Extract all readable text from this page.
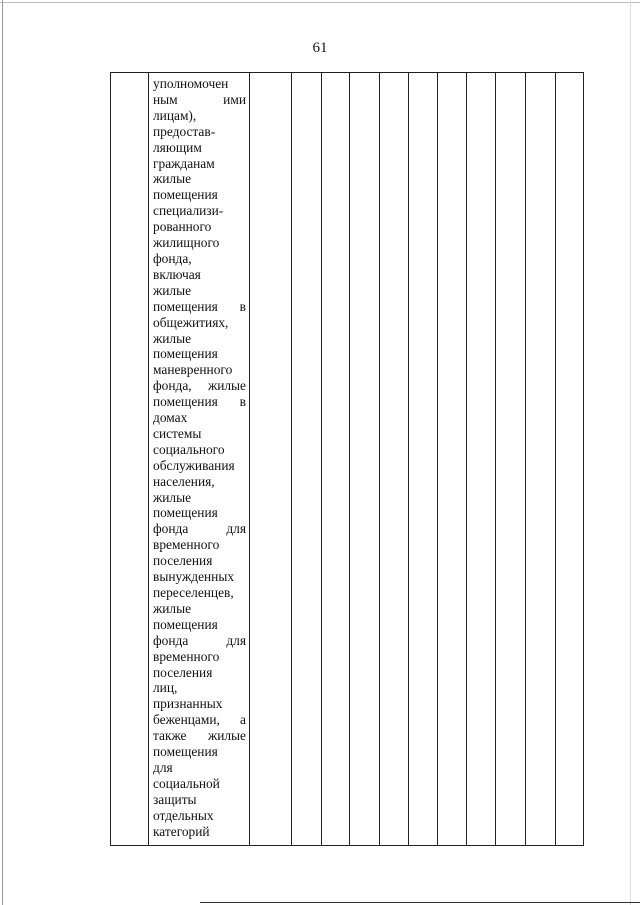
61
уполномочен
ным ими
лицам),
предостав-
ляющим
гражданам
жилые
помещения
специализи-
рованного
жилищного
фонда,
включая
жилые
помещения в
общежитиях,
жилые
помещения
маневренного
фонда, жилые
помещения в
домах
системы
социального
обслуживания
населения,
жилые
помещения
фонда для
временного
поселения
вынужденных
переселенцев,
жилые
помещения
фонда для
временного
поселения
лиц,
признанных
беженцами, а
также жилые
помещения
для
социальной
защиты
отдельных
категорий
